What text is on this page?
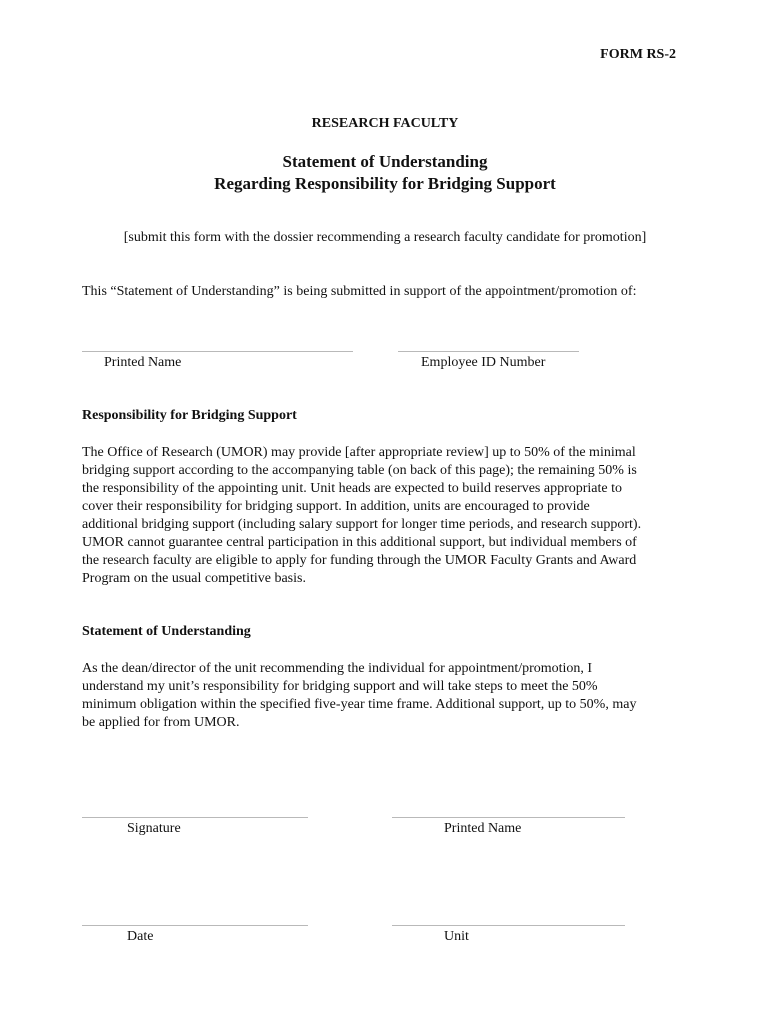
FORM RS-2
RESEARCH FACULTY
Statement of Understanding
Regarding Responsibility for Bridging Support
[submit this form with the dossier recommending a research faculty candidate for promotion]
This “Statement of Understanding” is being submitted in support of the appointment/promotion of:
Printed Name	Employee ID Number
Responsibility for Bridging Support
The Office of Research (UMOR) may provide [after appropriate review] up to 50% of the minimal
bridging support according to the accompanying table (on back of this page); the remaining 50% is
the responsibility of the appointing unit. Unit heads are expected to build reserves appropriate to
cover their responsibility for bridging support. In addition, units are encouraged to provide
additional bridging support (including salary support for longer time periods, and research support).
UMOR cannot guarantee central participation in this additional support, but individual members of
the research faculty are eligible to apply for funding through the UMOR Faculty Grants and Award
Program on the usual competitive basis.
Statement of Understanding
As the dean/director of the unit recommending the individual for appointment/promotion, I
understand my unit’s responsibility for bridging support and will take steps to meet the 50%
minimum obligation within the specified five-year time frame. Additional support, up to 50%, may
be applied for from UMOR.
Signature	Printed Name
Date	Unit
